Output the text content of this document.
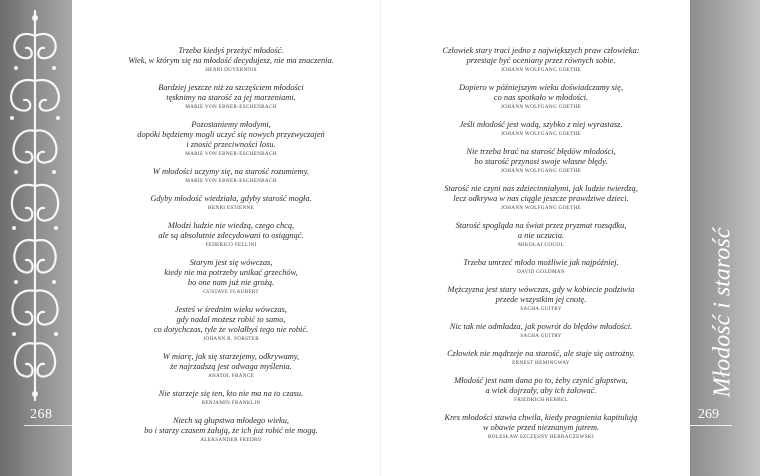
268
Trzeba kiedyś przeżyć młodość.
Wiek, w którym się na młodość decydujesz, nie ma znaczenia.
HENRI DUVERNOIS
Bardziej jeszcze niż za szczęściem młodości
tęsknimy na starość za jej marzeniami.
MARIE VON EBNER-ESCHENBACH
Pozostaniemy młodymi,
dopóki będziemy mogli uczyć się nowych przyzwyczajeń
i znosić przeciwności losu.
MARIE VON EBNER-ESCHENBACH
W młodości uczymy się, na starość rozumiemy.
MARIE VON EBNER-ESCHENBACH
Gdyby młodość wiedziała, gdyby starość mogła.
HENRI ESTIENNE
Młodzi ludzie nie wiedzą, czego chcą,
ale są absolutnie zdecydowani to osiągnąć.
FEDERICO FELLINI
Starym jest się wówczas,
kiedy nie ma potrzeby unikać grzechów,
bo one nam już nie grożą.
GUSTAVE FLAUBERT
Jesteś w średnim wieku wówczas,
gdy nadal możesz robić to samo,
co dotychczas, tyle że wolałbyś tego nie robić.
JOHANN R. FORSTER
W miarę, jak się starzejemy, odkrywamy,
że najrzadszą jest odwaga myślenia.
ANATOL FRANCE
Nie starzeje się ten, kto nie ma na to czasu.
BENJAMIN FRANKLIN
Niech są głupstwa młodego wieku,
bo i starzy czasem żałują, że ich już robić nie mogą.
ALEKSANDER FREDRO
Człowiek stary traci jedno z największych praw człowieka:
przestaje być oceniany przez równych sobie.
JOHANN WOLFGANG GOETHE
Dopiero w późniejszym wieku doświadczamy się,
co nas spotkało w młodości.
JOHANN WOLFGANG GOETHE
Jeśli młodość jest wadą, szybko z niej wyrastasz.
JOHANN WOLFGANG GOETHE
Nie trzeba brać na starość błędów młodości,
bo starość przynosi swoje własne błędy.
JOHANN WOLFGANG GOETHE
Starość nie czyni nas zdziecinniałymi, jak ludzie twierdzą,
lecz odkrywa w nas ciągle jeszcze prawdziwe dzieci.
JOHANN WOLFGANG GOETHE
Starość spogląda na świat przez pryzmat rozsądku,
a nie uczucia.
MIKOŁAJ GOGOL
Trzeba umrzeć młodo możliwie jak najpóźniej.
DAVID GOLDMAN
Mężczyzna jest stary wówczas, gdy w kobiecie podziwia
przede wszystkim jej cnotę.
SACHA GUITRY
Nic tak nie odmładza, jak powrót do błędów młodości.
SACHA GUITRY
Człowiek nie mądrzeje na starość, ale staje się ostrożny.
ERNEST HEMINGWAY
Młodość jest nam dana po to, żeby czynić głupstwa,
a wiek dojrzały, aby ich żałować.
FRIEDRICH HEBBEL
Kres młodości stawia chwila, kiedy pragnienia kapitulują
w obawie przed nieznanym jutrem.
BOLESŁAW SZCZĘSNY HERBACZEWSKI
Młodość i starość
269
